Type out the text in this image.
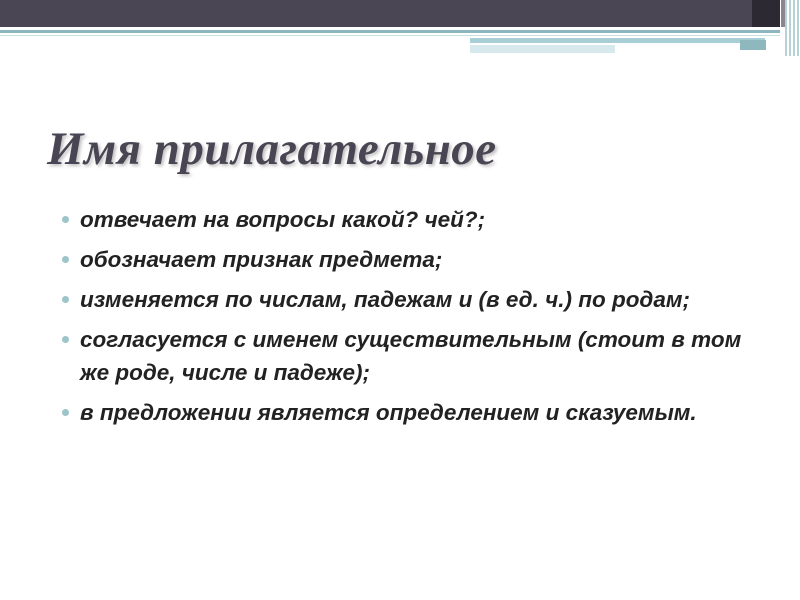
Имя прилагательное
отвечает на вопросы какой? чей?;
обозначает признак предмета;
изменяется по числам, падежам и (в ед. ч.) по родам;
согласуется с именем существительным (стоит в том же роде, числе и падеже);
в предложении является определением и сказуемым.
